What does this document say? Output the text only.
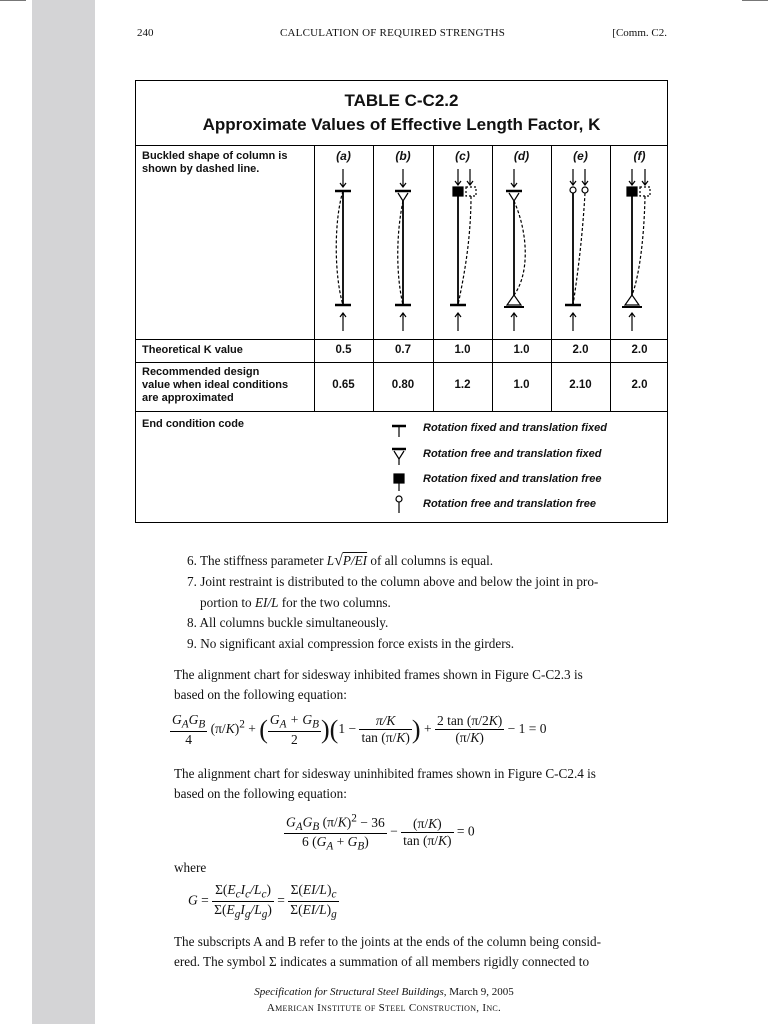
240	CALCULATION OF REQUIRED STRENGTHS	[Comm. C2.
TABLE C-C2.2
Approximate Values of Effective Length Factor, K
Buckled shape of column is
shown by dashed line.
(a)	(b)	(c)	(d)	(e)	(f)
Theoretical K value	0.5	0.7	1.0	1.0	2.0	2.0
Recommended design
value when ideal conditions
are approximated
0.65	0.80	1.2	1.0	2.10	2.0
End condition code	Rotation fixed and translation fixed
Rotation free and translation fixed
Rotation fixed and translation free
Rotation free and translation free
6. The stiffness parameter L√P/EI of all columns is equal.
7. Joint restraint is distributed to the column above and below the joint in pro-
portion to EI/L for the two columns.
8. All columns buckle simultaneously.
9. No significant axial compression force exists in the girders.
The alignment chart for sidesway inhibited frames shown in Figure C-C2.3 is
based on the following equation:
$\frac{G_AG_B}{4} (\pi/K)^2$ + ( $\frac{G_A + G_B}{2} )(1 - \frac{\pi/K}{\tan (\pi/K)}$ ) + $\frac{2 \tan (\pi/2K)}{(\pi/K)} - 1 = 0$
The alignment chart for sidesway uninhibited frames shown in Figure C-C2.4 is
based on the following equation:
$\frac{G_AG_B (\pi/K)^2 - 36}{6 (G_A + G_B)} - \frac{(\pi/K)}{\tan (\pi/K)} = 0$
where
$G = \frac{\Sigma(E_cI_c/L_c)}{\Sigma(E_gI_g/L_g)} = \frac{\Sigma(EI/L)_c}{\Sigma(EI/L)_g}$
The subscripts A and B refer to the joints at the ends of the column being consid-
ered. The symbol Σ indicates a summation of all members rigidly connected to
Specification for Structural Steel Buildings, March 9, 2005
American Institute of Steel Construction, Inc.
